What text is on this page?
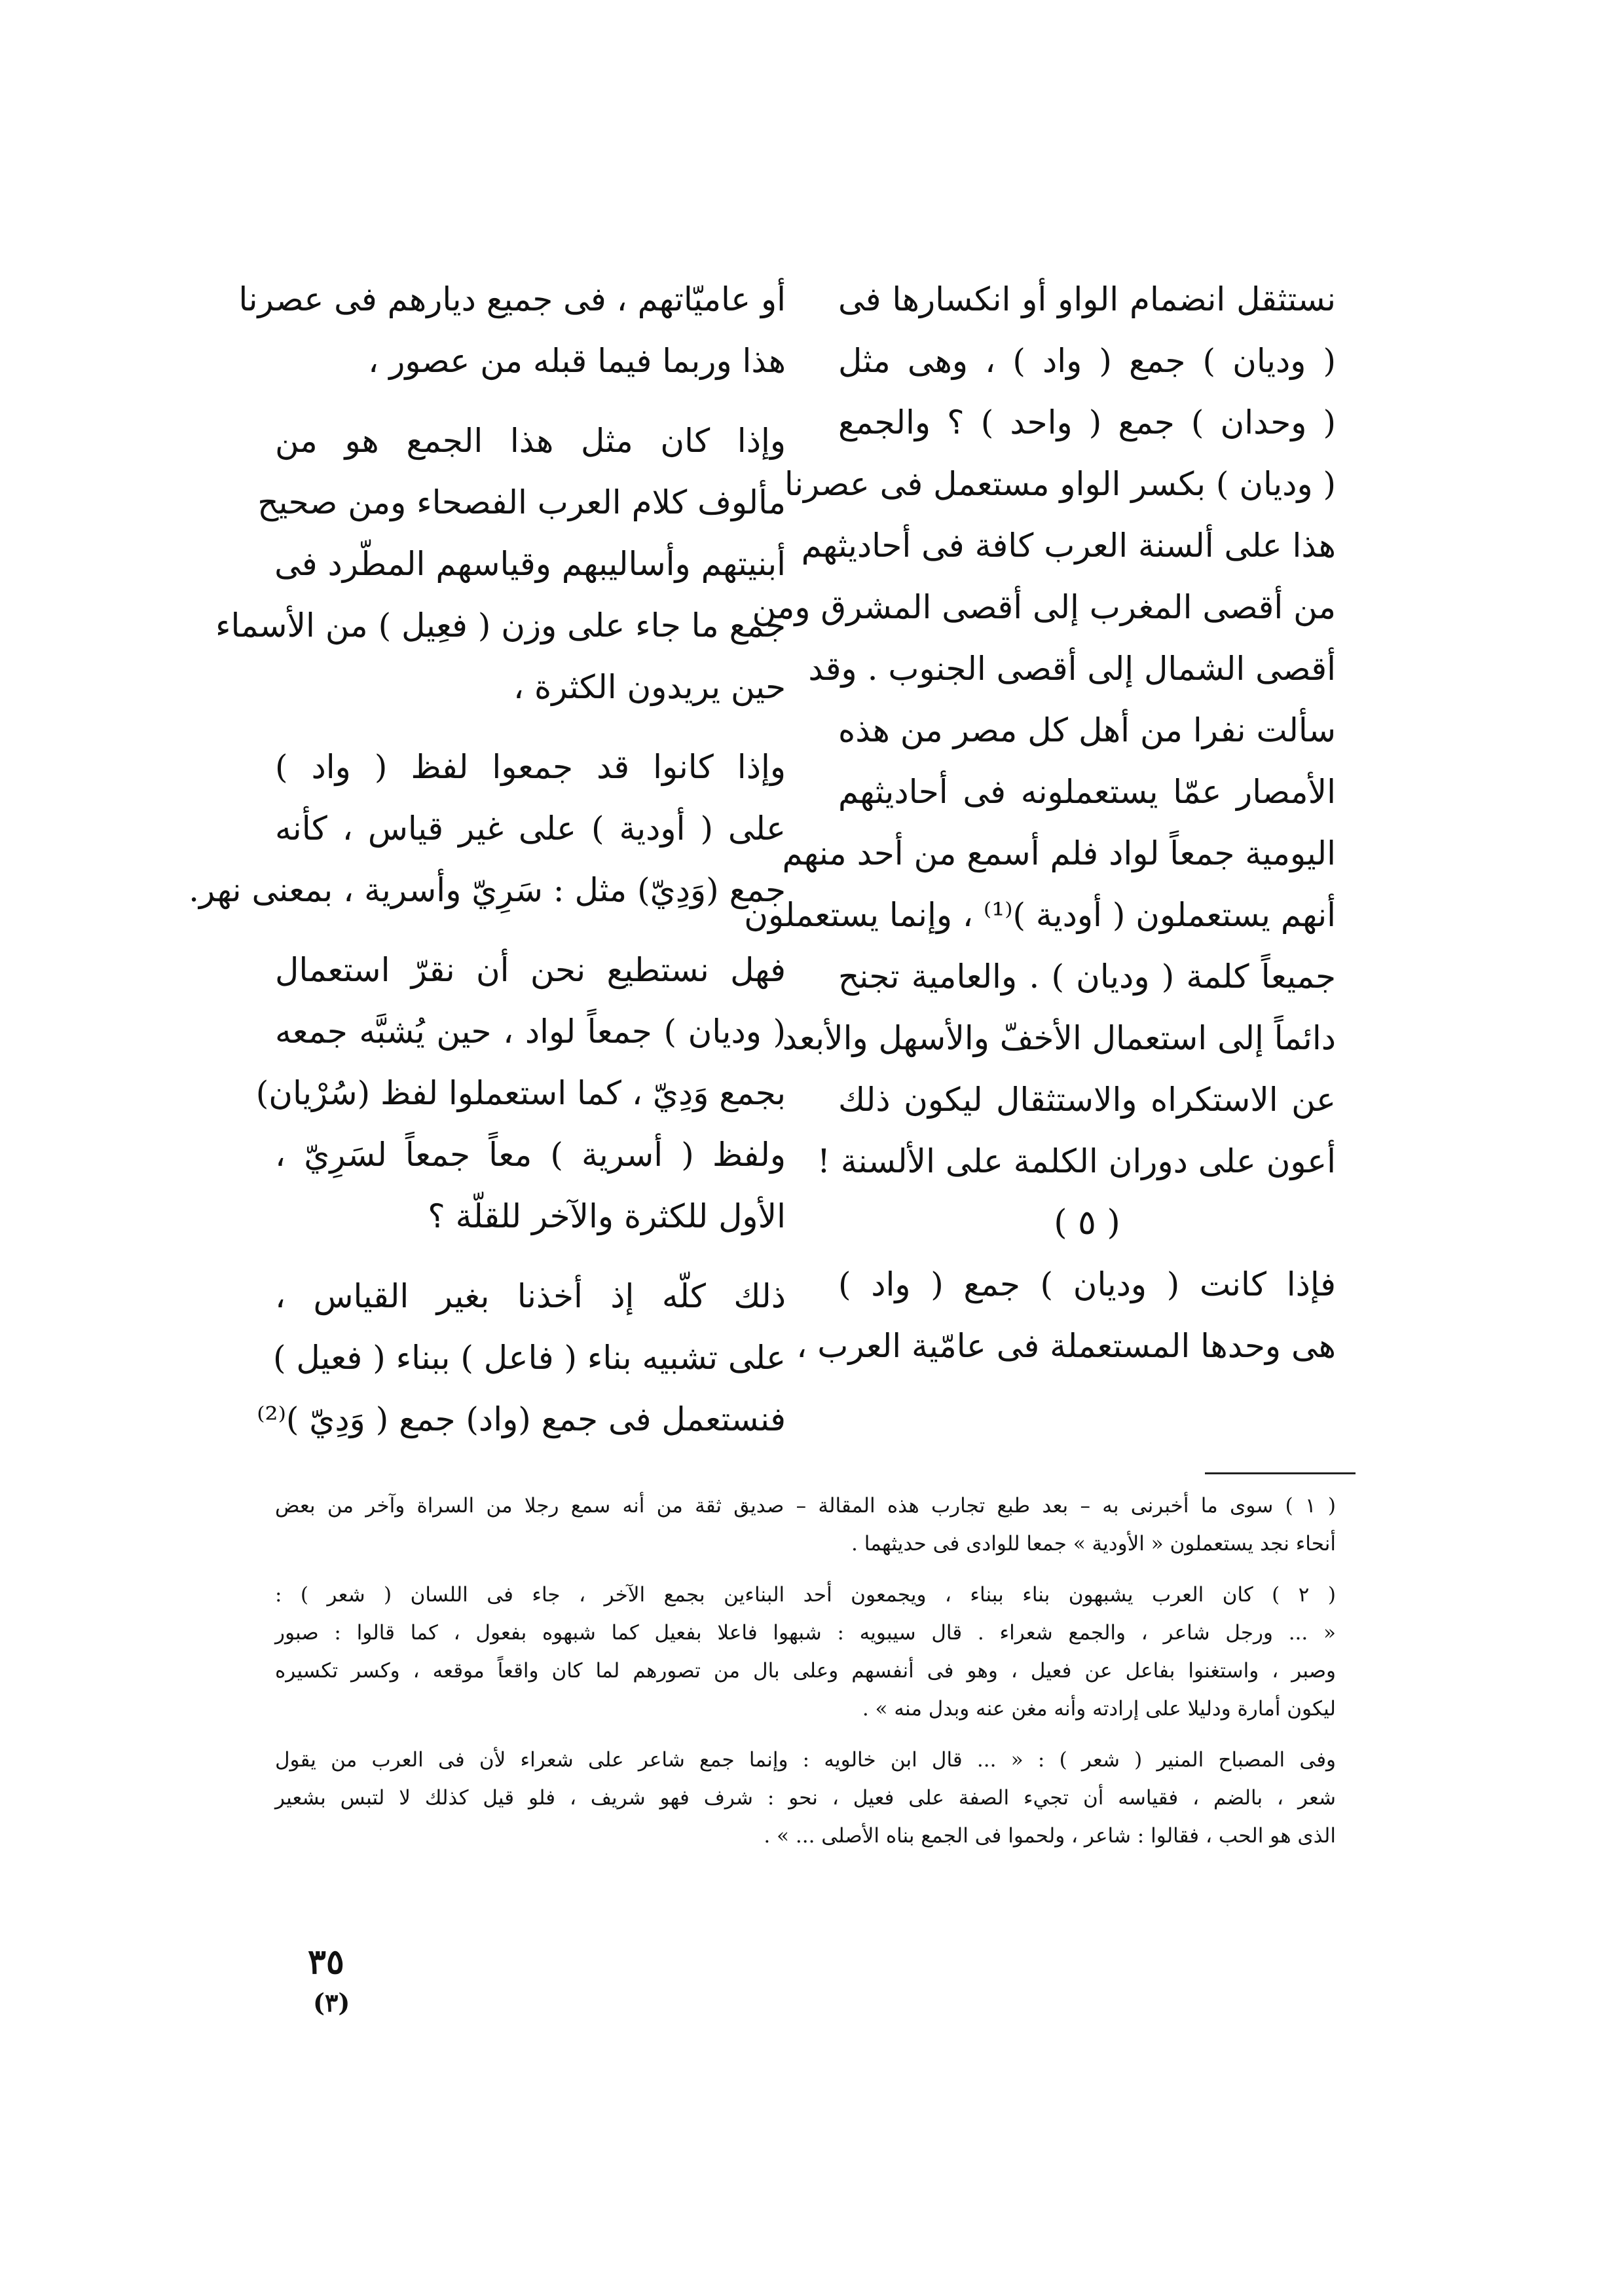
نستثقل انضمام الواو أو انكسارها فى
( وديان ) جمع ( واد ) ، وهى مثل
( وحدان ) جمع ( واحد ) ؟ والجمع
( وديان ) بكسر الواو مستعمل فى عصرنا
هذا على ألسنة العرب كافة فى أحاديثهم
من أقصى المغرب إلى أقصى المشرق ومن
أقصى الشمال إلى أقصى الجنوب . وقد
سألت نفرا من أهل كل مصر من هذه
الأمصار عمّا يستعملونه فى أحاديثهم
اليومية جمعاً لواد فلم أسمع من أحد منهم
أنهم يستعملون ( أودية )⁽¹⁾ ، وإنما يستعملون
جميعاً كلمة ( وديان ) . والعامية تجنح
دائماً إلى استعمال الأخفّ والأسهل والأبعد
عن الاستكراه والاستثقال ليكون ذلك
أعون على دوران الكلمة على الألسنة !
( ٥ )
فإذا كانت ( وديان ) جمع ( واد )
هى وحدها المستعملة فى عامّية العرب ،
أو عاميّاتهم ، فى جميع ديارهم فى عصرنا
هذا وربما فيما قبله من عصور ،
وإذا كان مثل هذا الجمع هو من
مألوف كلام العرب الفصحاء ومن صحيح
أبنيتهم وأساليبهم وقياسهم المطّرد فى
جمع ما جاء على وزن ( فعِيل ) من الأسماء
حين يريدون الكثرة ،
وإذا كانوا قد جمعوا لفظ ( واد )
على ( أودية ) على غير قياس ، كأنه
جمع (وَدِيّ) مثل : سَرِيّ وأسرية ، بمعنى نهر.
فهل نستطيع نحن أن نقرّ استعمال
( وديان ) جمعاً لواد ، حين يُشبَّه جمعه
بجمع وَدِيّ ، كما استعملوا لفظ (سُرْيان)
ولفظ ( أسرية ) معاً جمعاً لسَرِيّ ،
الأول للكثرة والآخر للقلّة ؟
ذلك كلّه إذ أخذنا بغير القياس ،
على تشبيه بناء ( فاعل ) ببناء ( فعيل )
فنستعمل فى جمع (واد) جمع ( وَدِيّ )⁽²⁾
( ١ ) سوى ما أخبرنى به – بعد طبع تجارب هذه المقالة – صديق ثقة من أنه سمع رجلا من السراة وآخر من بعض
أنحاء نجد يستعملون « الأودية » جمعا للوادى فى حديثهما .
( ٢ ) كان العرب يشبهون بناء ببناء ، ويجمعون أحد البناءين بجمع الآخر ، جاء فى اللسان ( شعر ) :
« ... ورجل شاعر ، والجمع شعراء . قال سيبويه : شبهوا فاعلا بفعيل كما شبهوه بفعول ، كما قالوا : صبور
وصبر ، واستغنوا بفاعل عن فعيل ، وهو فى أنفسهم وعلى بال من تصورهم لما كان واقعاً موقعه ، وكسر تكسيره
ليكون أمارة ودليلا على إرادته وأنه مغن عنه وبدل منه » .
وفى المصباح المنير ( شعر ) : « ... قال ابن خالويه : وإنما جمع شاعر على شعراء لأن فى العرب من يقول
شعر ، بالضم ، فقياسه أن تجيء الصفة على فعيل ، نحو : شرف فهو شريف ، فلو قيل كذلك لا لتبس بشعير
الذى هو الحب ، فقالوا : شاعر ، ولحموا فى الجمع بناه الأصلى ... » .
٣٥
(٣)
